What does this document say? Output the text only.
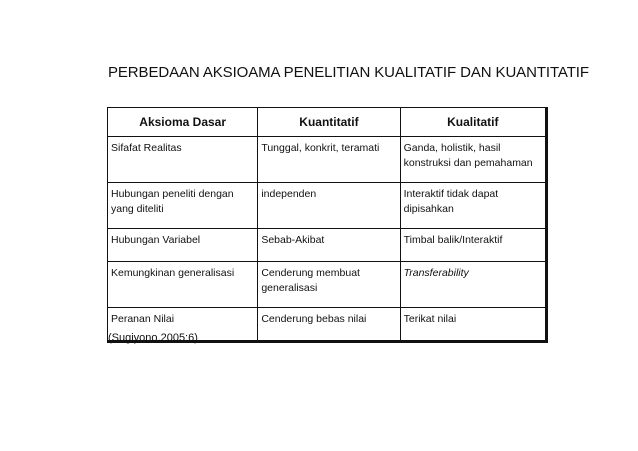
PERBEDAAN AKSIOAMA PENELITIAN KUALITATIF DAN KUANTITATIF
Aksioma Dasar	Kuantitatif	Kualitatif
Sifafat Realitas	Tunggal, konkrit, teramati	Ganda, holistik, hasil konstruksi dan pemahaman
Hubungan peneliti dengan yang diteliti	independen	Interaktif tidak dapat dipisahkan
Hubungan Variabel	Sebab-Akibat	Timbal balik/Interaktif
Kemungkinan generalisasi	Cenderung membuat generalisasi	Transferability
Peranan Nilai	Cenderung bebas nilai	Terikat nilai
(Sugiyono,2005:6)
